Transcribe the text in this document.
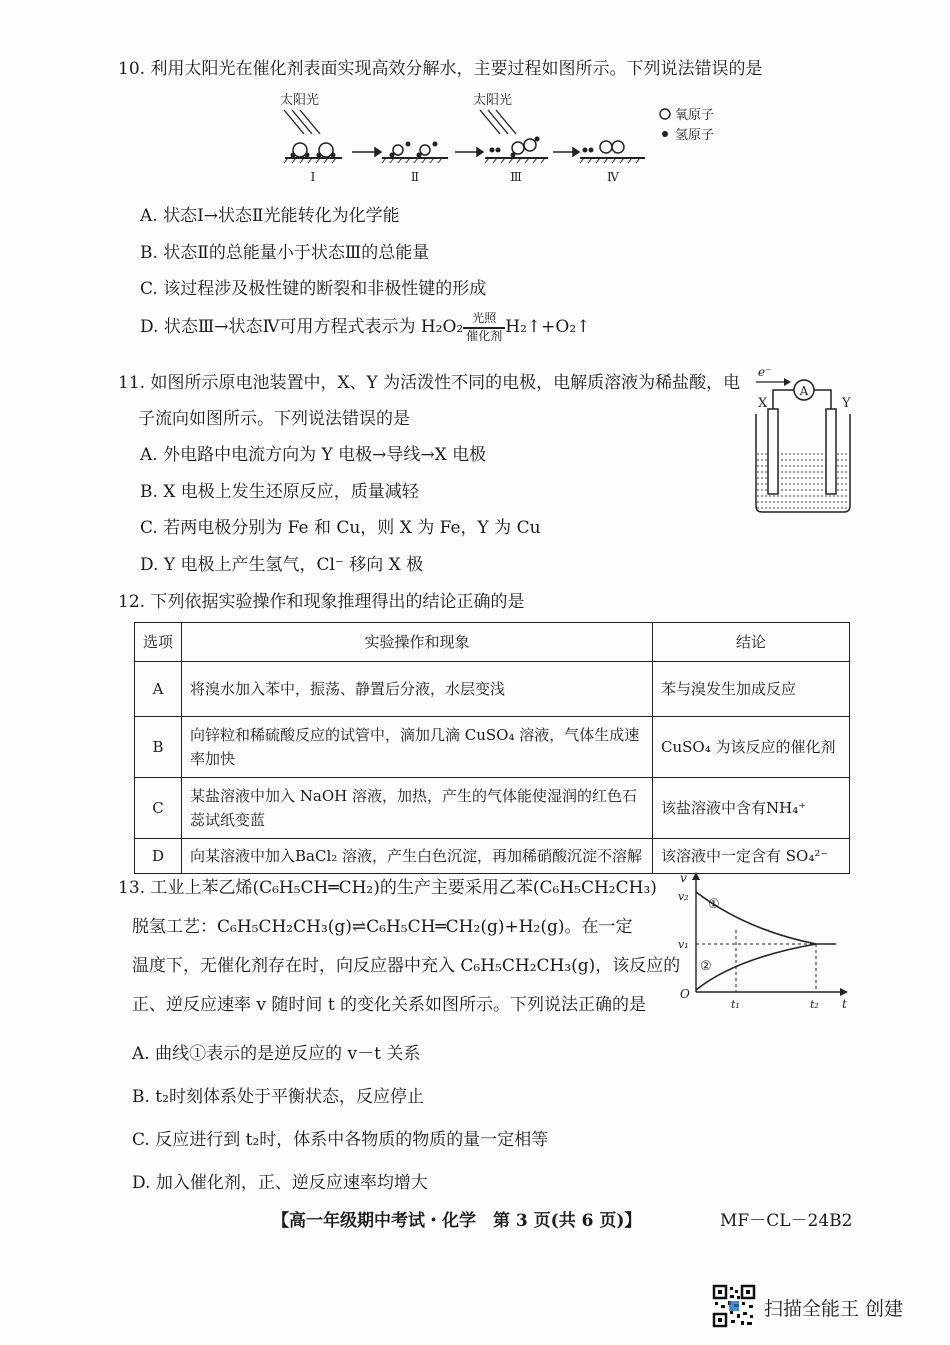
10. 利用太阳光在催化剂表面实现高效分解水，主要过程如图所示。下列说法错误的是
太阳光	太阳光
Ⅰ	Ⅱ	Ⅲ	Ⅳ
氧原子
氢原子
A. 状态Ⅰ→状态Ⅱ光能转化为化学能
B. 状态Ⅱ的总能量小于状态Ⅲ的总能量
C. 该过程涉及极性键的断裂和非极性键的形成
D. 状态Ⅲ→状态Ⅳ可用方程式表示为 $H_2O_2 \frac{\text{光照}}{\text{催化剂}}$ H₂↑+O₂↑
11. 如图所示原电池装置中，X、Y 为活泼性不同的电极，电解质溶液为稀盐酸，电
子流向如图所示。下列说法错误的是
e⁻
A
X	Y
A. 外电路中电流方向为 Y 电极→导线→X 电极
B. X 电极上发生还原反应，质量减轻
C. 若两电极分别为 Fe 和 Cu，则 X 为 Fe，Y 为 Cu
D. Y 电极上产生氢气，Cl⁻ 移向 X 极
12. 下列依据实验操作和现象推理得出的结论正确的是
选项	实验操作和现象	结论
A	将溴水加入苯中，振荡、静置后分液，水层变浅	苯与溴发生加成反应
B	向锌粒和稀硫酸反应的试管中，滴加几滴 CuSO₄ 溶液，气体生成速率加快	CuSO₄ 为该反应的催化剂
C	某盐溶液中加入 NaOH 溶液，加热，产生的气体能使湿润的红色石蕊试纸变蓝	该盐溶液中含有NH₄⁺
D	向某溶液中加入BaCl₂ 溶液，产生白色沉淀，再加稀硝酸沉淀不溶解	该溶液中一定含有 SO₄²⁻
13. 工业上苯乙烯(C₆H₅CH═CH₂)的生产主要采用乙苯(C₆H₅CH₂CH₃)
脱氢工艺：C₆H₅CH₂CH₃(g)⇌C₆H₅CH═CH₂(g)+H₂(g)。在一定
温度下，无催化剂存在时，向反应器中充入 C₆H₅CH₂CH₃(g)，该反应的
正、逆反应速率 v 随时间 t 的变化关系如图所示。下列说法正确的是
v
t
O
v₂
v₁
t₁	t₂
①
②
A. 曲线①表示的是逆反应的 v－t 关系
B. t₂时刻体系处于平衡状态，反应停止
C. 反应进行到 t₂时，体系中各物质的物质的量一定相等
D. 加入催化剂，正、逆反应速率均增大
【高一年级期中考试・化学　第 3 页(共 6 页)】	MF－CL－24B2
扫描全能王 创建
